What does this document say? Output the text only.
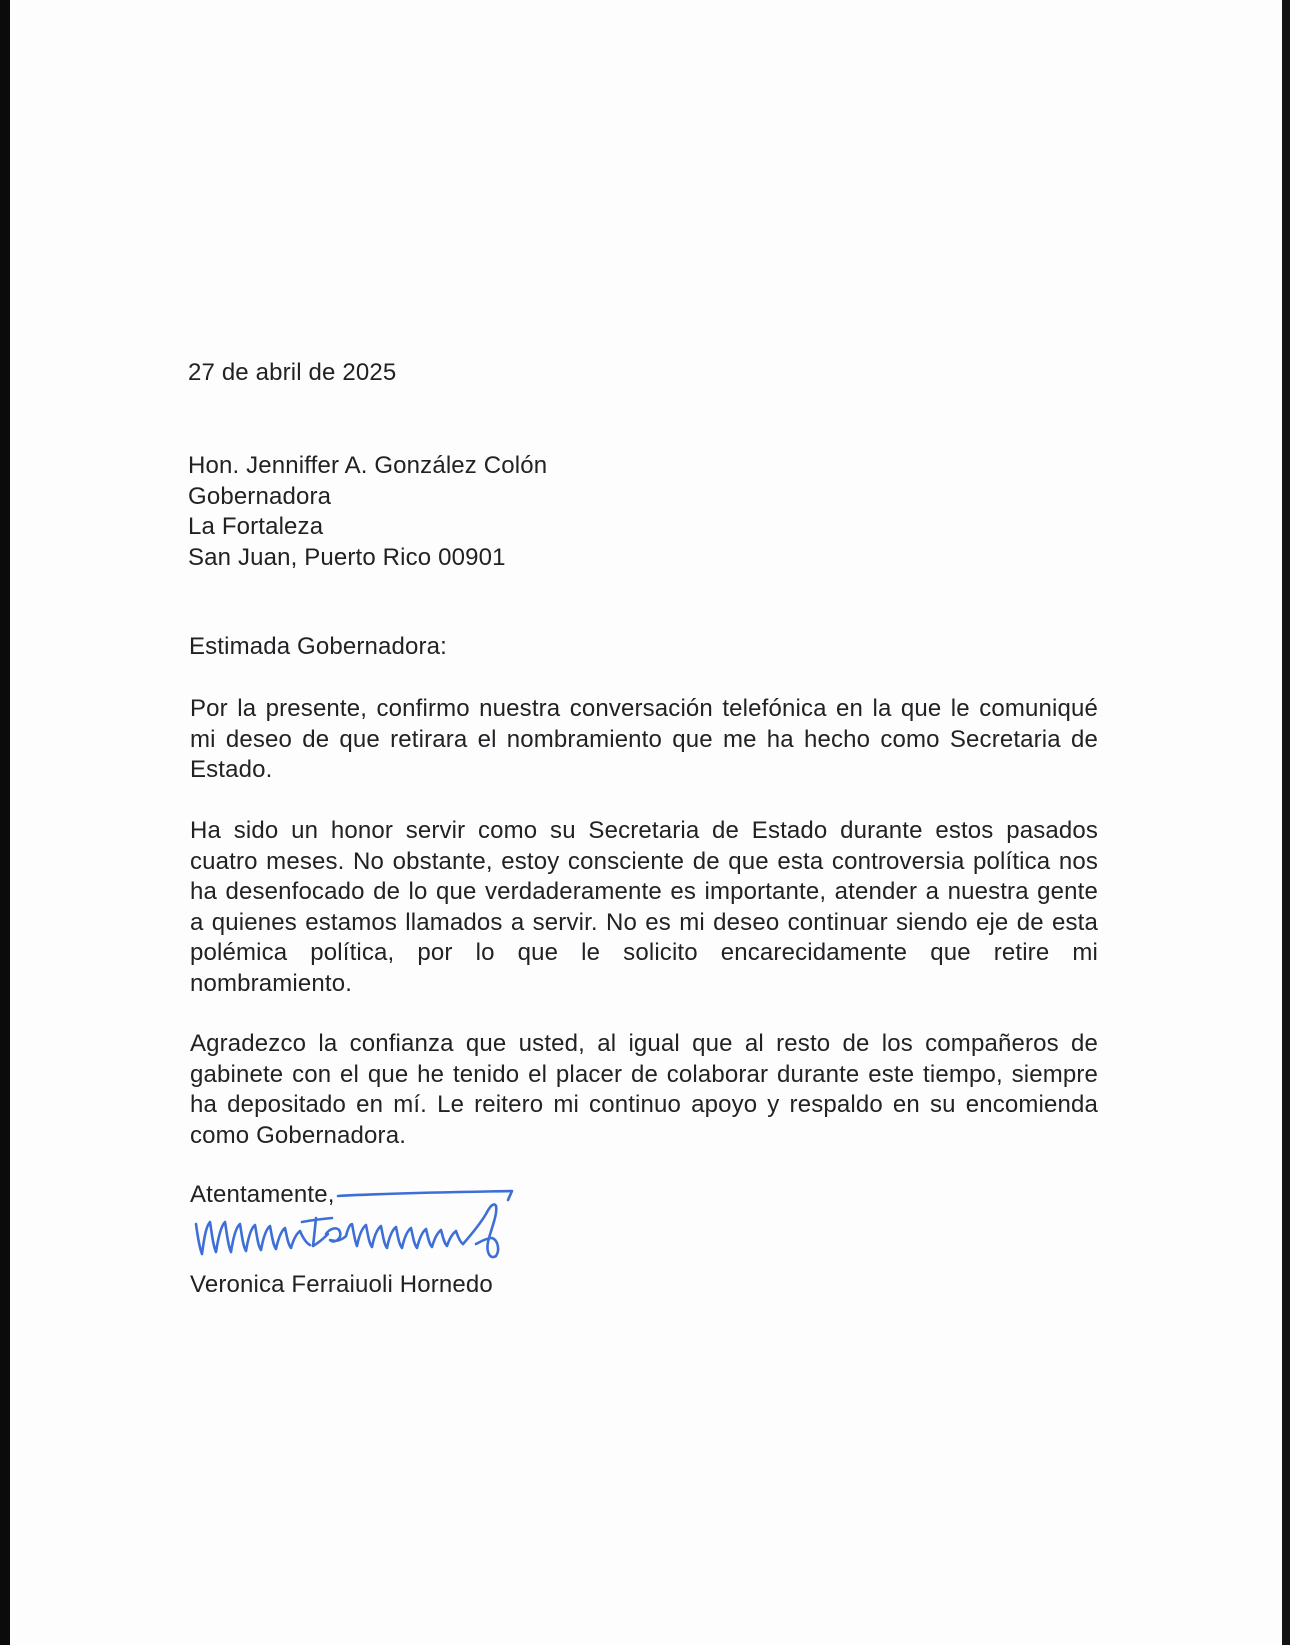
27 de abril de 2025
Hon. Jenniffer A. González Colón
Gobernadora
La Fortaleza
San Juan, Puerto Rico 00901
Estimada Gobernadora:

Por la presente, confirmo nuestra conversación telefónica en la que le comuniqué mi deseo de que retirara el nombramiento que me ha hecho como Secretaria de Estado.

Ha sido un honor servir como su Secretaria de Estado durante estos pasados cuatro meses. No obstante, estoy consciente de que esta controversia política nos ha desenfocado de lo que verdaderamente es importante, atender a nuestra gente a quienes estamos llamados a servir. No es mi deseo continuar siendo eje de esta polémica política, por lo que le solicito encarecidamente que retire mi nombramiento.

Agradezco la confianza que usted, al igual que al resto de los compañeros de gabinete con el que he tenido el placer de colaborar durante este tiempo, siempre ha depositado en mí. Le reitero mi continuo apoyo y respaldo en su encomienda como Gobernadora.

Atentamente,
Veronica Ferraiuoli Hornedo
